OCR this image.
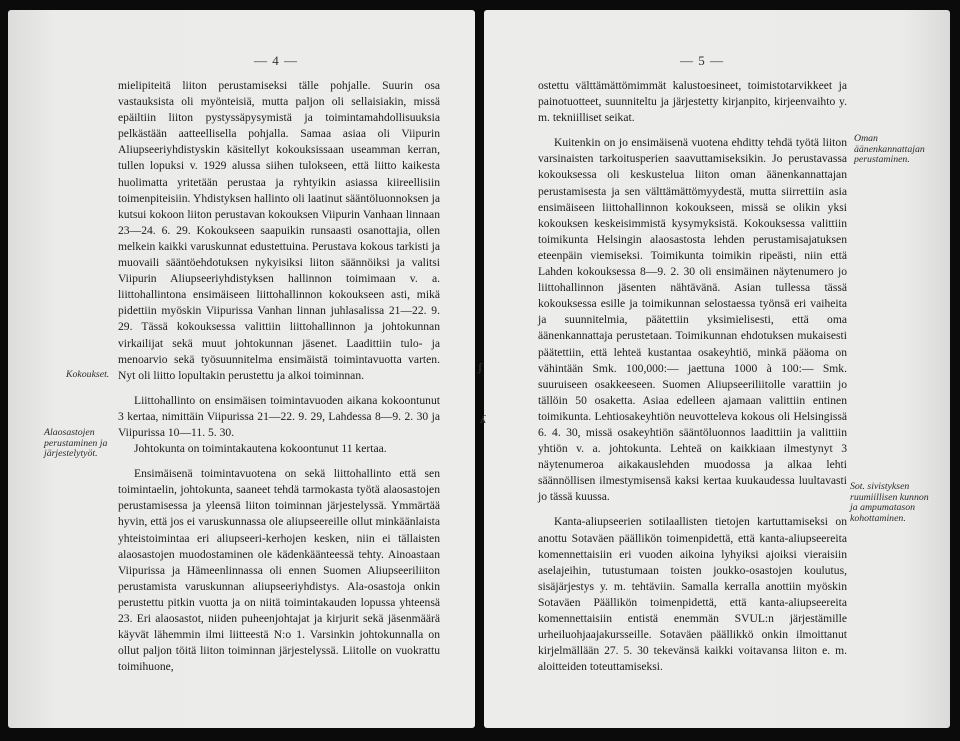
— 4 —

mielipiteitä liiton perustamiseksi tälle pohjalle. Suurin osa vastauksista oli myönteisiä, mutta paljon oli sellaisiakin, missä epäiltiin liiton pystyssäpysymistä ja toimintamahdollisuuksia pelkästään aatteellisella pohjalla. Samaa asiaa oli Viipurin Aliupseeriyhdistyskin käsitellyt kokouksissaan useamman kerran, tullen lopuksi v. 1929 alussa siihen tulokseen, että liitto kaikesta huolimatta yritetään perustaa ja ryhtyikin asiassa kiireellisiin toimenpiteisiin. Yhdistyksen hallinto oli laatinut sääntöluonnoksen ja kutsui kokoon liiton perustavan kokouksen Viipurin Vanhaan linnaan 23—24. 6. 29. Kokoukseen saapuikin runsaasti osanottajia, ollen melkein kaikki varuskunnat edustettuina. Perustava kokous tarkisti ja muovaili sääntöehdotuksen nykyisiksi liiton säännöiksi ja valitsi Viipurin Aliupseeriyhdistyksen hallinnon toimimaan v. a. liittohallintona ensimäiseen liittohallinnon kokoukseen asti, mikä pidettiin myöskin Viipurissa Vanhan linnan juhlasalissa 21—22. 9. 29. Tässä kokouksessa valittiin liittohallinnon ja johtokunnan virkailijat sekä muut johtokunnan jäsenet. Laadittiin tulo- ja menoarvio sekä työsuunnitelma ensimäistä toimintavuotta varten. Nyt oli liitto lopultakin perustettu ja alkoi toiminnan.

Liittohallinto on ensimäisen toimintavuoden aikana kokoontunut 3 kertaa, nimittäin Viipurissa 21—22. 9. 29, Lahdessa 8—9. 2. 30 ja Viipurissa 10—11. 5. 30.

Johtokunta on toimintakautena kokoontunut 11 kertaa.

Ensimäisenä toimintavuotena on sekä liittohallinto että sen toimintaelin, johtokunta, saaneet tehdä tarmokasta työtä alaosastojen perustamisessa ja yleensä liiton toiminnan järjestelyssä. Ymmärtää hyvin, että jos ei varuskunnassa ole aliupseereille ollut minkäänlaista yhteistoimintaa eri aliupseeri-kerhojen kesken, niin ei tällaisten alaosastojen muodostaminen ole kädenkäänteessä tehty. Ainoastaan Viipurissa ja Hämeenlinnassa oli ennen Suomen Aliupseeriliiton perustamista varuskunnan aliupseeriyhdistys. Ala-osastoja onkin perustettu pitkin vuotta ja on niitä toimintakauden lopussa yhteensä 23. Eri alaosastot, niiden puheenjohtajat ja kirjurit sekä jäsenmäärä käyvät lähemmin ilmi liitteestä N:o 1. Varsinkin johtokunnalla on ollut paljon töitä liiton toiminnan järjestelyssä. Liitolle on vuokrattu toimihuone,

Kokoukset.
Alaosastojen perustaminen ja järjestelytyöt.
— 5 —

ostettu välttämättömimmät kalustoesineet, toimistotarvikkeet ja painotuotteet, suunniteltu ja järjestetty kirjanpito, kirjeenvaihto y. m. tekniilliset seikat.

Kuitenkin on jo ensimäisenä vuotena ehditty tehdä työtä liiton varsinaisten tarkoitusperien saavuttamiseksikin. Jo perustavassa kokouksessa oli keskustelua liiton oman äänenkannattajan perustamisesta ja sen välttämättömyydestä, mutta siirrettiin asia ensimäiseen liittohallinnon kokoukseen, missä se olikin yksi kokouksen keskeisimmistä kysymyksistä. Kokouksessa valittiin toimikunta Helsingin alaosastosta lehden perustamisajatuksen eteenpäin viemiseksi. Toimikunta toimikin ripeästi, niin että Lahden kokouksessa 8—9. 2. 30 oli ensimäinen näytenumero jo liittohallinnon jäsenten nähtävänä. Asian tullessa tässä kokouksessa esille ja toimikunnan selostaessa työnsä eri vaiheita ja suunnitelmia, päätettiin yksimielisesti, että oma äänenkannattaja perustetaan. Toimikunnan ehdotuksen mukaisesti päätettiin, että lehteä kustantaa osakeyhtiö, minkä pääoma on vähintään Smk. 100,000:— jaettuna 1000 à 100:— Smk. suuruiseen osakkeeseen. Suomen Aliupseeriliitolle varattiin jo tällöin 50 osaketta. Asiaa edelleen ajamaan valittiin entinen toimikunta. Lehtiosakeyhtiön neuvotteleva kokous oli Helsingissä 6. 4. 30, missä osakeyhtiön sääntöluonnos laadittiin ja valittiin yhtiön v. a. johtokunta. Lehteä on kaikkiaan ilmestynyt 3 näytenumeroa aikakauslehden muodossa ja alkaa lehti säännöllisen ilmestymisensä kaksi kertaa kuukaudessa luultavasti jo tässä kuussa.

Kanta-aliupseerien sotilaallisten tietojen kartuttamiseksi on anottu Sotaväen päällikön toimenpidettä, että kanta-aliupseereita komennettaisiin eri vuoden aikoina lyhyiksi ajoiksi vieraisiin aselajeihin, tutustumaan toisten joukko-osastojen koulutus, sisäjärjestys y. m. tehtäviin. Samalla kerralla anottiin myöskin Sotaväen Päällikön toimenpidettä, että kanta-aliupseereita komennettaisiin entistä enemmän SVUL:n järjestämille urheiluohjaajakursseille. Sotaväen päällikkö onkin ilmoittanut kirjelmällään 27. 5. 30 tekevänsä kaikki voitavansa liiton e. m. aloitteiden toteuttamiseksi.

Oman äänenkannattajan perustaminen.
Sot. sivistyksen ruumiillisen kunnon ja ampumatason kohottaminen.
ʃ
ʎ
